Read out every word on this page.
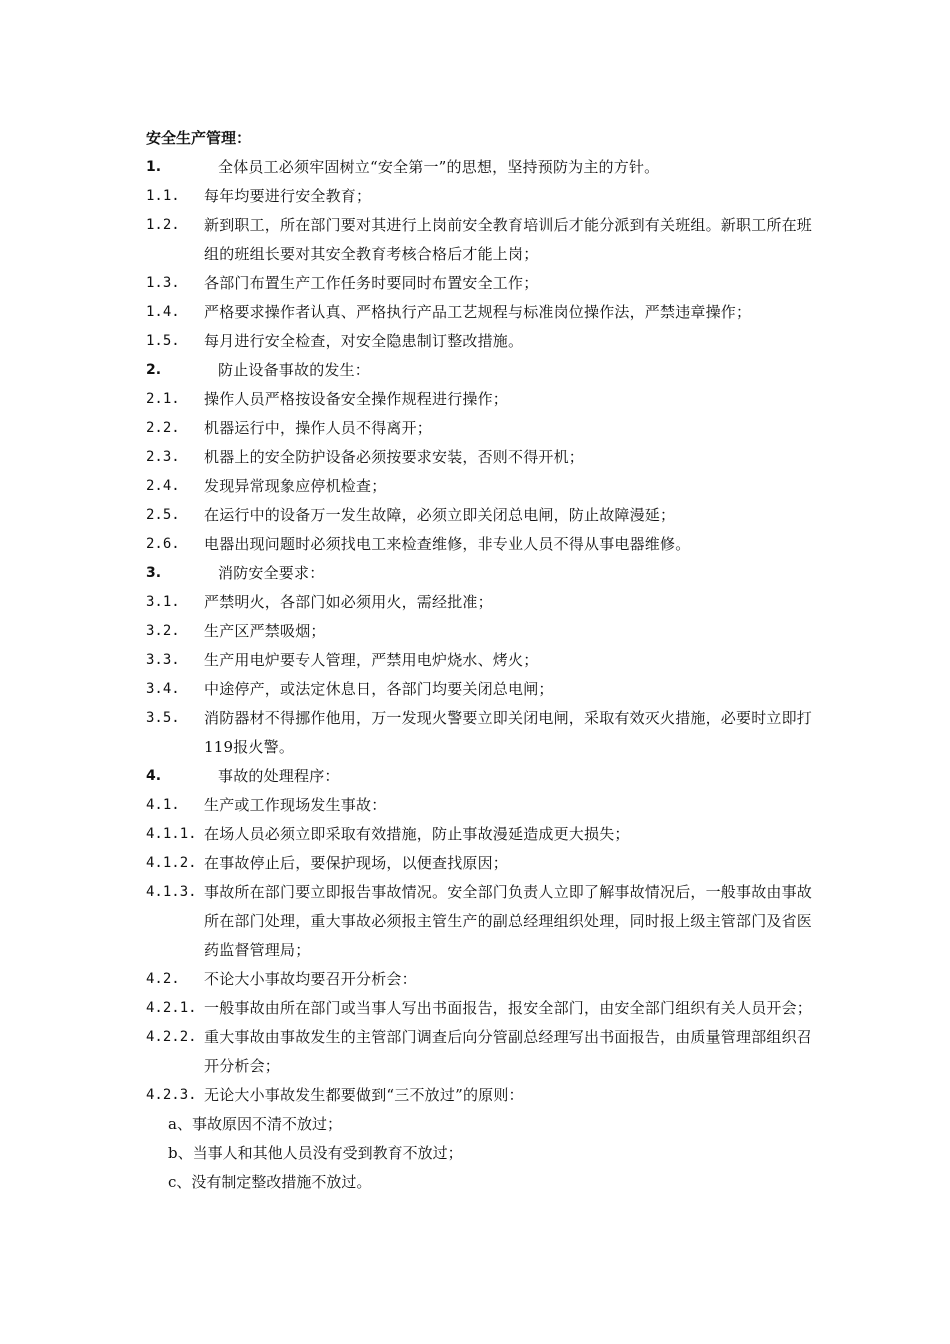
安全生产管理：
1.	全体员工必须牢固树立“安全第一”的思想，坚持预防为主的方针。
1.1.	每年均要进行安全教育；
1.2.	新到职工，所在部门要对其进行上岗前安全教育培训后才能分派到有关班组。新职工所在班组的班组长要对其安全教育考核合格后才能上岗；
1.3.	各部门布置生产工作任务时要同时布置安全工作；
1.4.	严格要求操作者认真、严格执行产品工艺规程与标准岗位操作法，严禁违章操作；
1.5.	每月进行安全检查，对安全隐患制订整改措施。
2.	防止设备事故的发生：
2.1.	操作人员严格按设备安全操作规程进行操作；
2.2.	机器运行中，操作人员不得离开；
2.3.	机器上的安全防护设备必须按要求安装，否则不得开机；
2.4.	发现异常现象应停机检查；
2.5.	在运行中的设备万一发生故障，必须立即关闭总电闸，防止故障漫延；
2.6.	电器出现问题时必须找电工来检查维修，非专业人员不得从事电器维修。
3.	消防安全要求：
3.1.	严禁明火，各部门如必须用火，需经批准；
3.2.	生产区严禁吸烟；
3.3.	生产用电炉要专人管理，严禁用电炉烧水、烤火；
3.4.	中途停产，或法定休息日，各部门均要关闭总电闸；
3.5.	消防器材不得挪作他用，万一发现火警要立即关闭电闸，采取有效灭火措施，必要时立即打119报火警。
4.	事故的处理程序：
4.1.	生产或工作现场发生事故：
4.1.1. 在场人员必须立即采取有效措施，防止事故漫延造成更大损失；
4.1.2. 在事故停止后，要保护现场，以便查找原因；
4.1.3. 事故所在部门要立即报告事故情况。安全部门负责人立即了解事故情况后，一般事故由事故所在部门处理，重大事故必须报主管生产的副总经理组织处理，同时报上级主管部门及省医药监督管理局；
4.2.	不论大小事故均要召开分析会：
4.2.1. 一般事故由所在部门或当事人写出书面报告，报安全部门，由安全部门组织有关人员开会；
4.2.2. 重大事故由事故发生的主管部门调查后向分管副总经理写出书面报告，由质量管理部组织召开分析会；
4.2.3. 无论大小事故发生都要做到“三不放过”的原则：
a、事故原因不清不放过；
b、当事人和其他人员没有受到教育不放过；
c、没有制定整改措施不放过。
